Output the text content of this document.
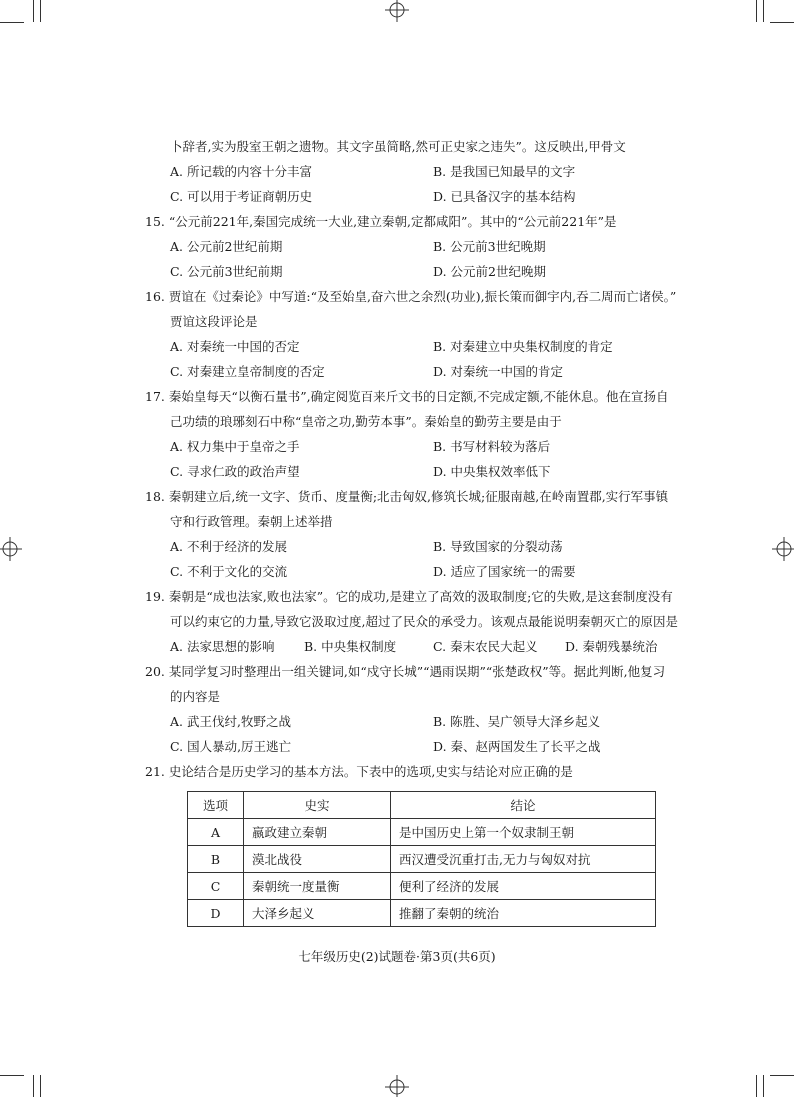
卜辞者,实为殷室王朝之遗物。其文字虽简略,然可正史家之违失”。这反映出,甲骨文
A. 所记载的内容十分丰富	B. 是我国已知最早的文字
C. 可以用于考证商朝历史	D. 已具备汉字的基本结构
15. “公元前221年,秦国完成统一大业,建立秦朝,定都咸阳”。其中的“公元前221年”是
A. 公元前2世纪前期	B. 公元前3世纪晚期
C. 公元前3世纪前期	D. 公元前2世纪晚期
16. 贾谊在《过秦论》中写道:“及至始皇,奋六世之余烈(功业),振长策而御宇内,吞二周而亡诸侯。”
贾谊这段评论是
A. 对秦统一中国的否定	B. 对秦建立中央集权制度的肯定
C. 对秦建立皇帝制度的否定	D. 对秦统一中国的肯定
17. 秦始皇每天“以衡石量书”,确定阅览百来斤文书的日定额,不完成定额,不能休息。他在宣扬自
己功绩的琅琊刻石中称“皇帝之功,勤劳本事”。秦始皇的勤劳主要是由于
A. 权力集中于皇帝之手	B. 书写材料较为落后
C. 寻求仁政的政治声望	D. 中央集权效率低下
18. 秦朝建立后,统一文字、货币、度量衡;北击匈奴,修筑长城;征服南越,在岭南置郡,实行军事镇
守和行政管理。秦朝上述举措
A. 不利于经济的发展	B. 导致国家的分裂动荡
C. 不利于文化的交流	D. 适应了国家统一的需要
19. 秦朝是“成也法家,败也法家”。它的成功,是建立了高效的汲取制度;它的失败,是这套制度没有
可以约束它的力量,导致它汲取过度,超过了民众的承受力。该观点最能说明秦朝灭亡的原因是
A. 法家思想的影响 B. 中央集权制度	C. 秦末农民大起义 D. 秦朝残暴统治
20. 某同学复习时整理出一组关键词,如“戍守长城”“遇雨误期”“张楚政权”等。据此判断,他复习
的内容是
A. 武王伐纣,牧野之战	B. 陈胜、吴广领导大泽乡起义
C. 国人暴动,厉王逃亡	D. 秦、赵两国发生了长平之战
21. 史论结合是历史学习的基本方法。下表中的选项,史实与结论对应正确的是
选项	史实	结论
A	嬴政建立秦朝	是中国历史上第一个奴隶制王朝
B	漠北战役	西汉遭受沉重打击,无力与匈奴对抗
C	秦朝统一度量衡	便利了经济的发展
D	大泽乡起义	推翻了秦朝的统治
七年级历史(2)试题卷·第3页(共6页)
